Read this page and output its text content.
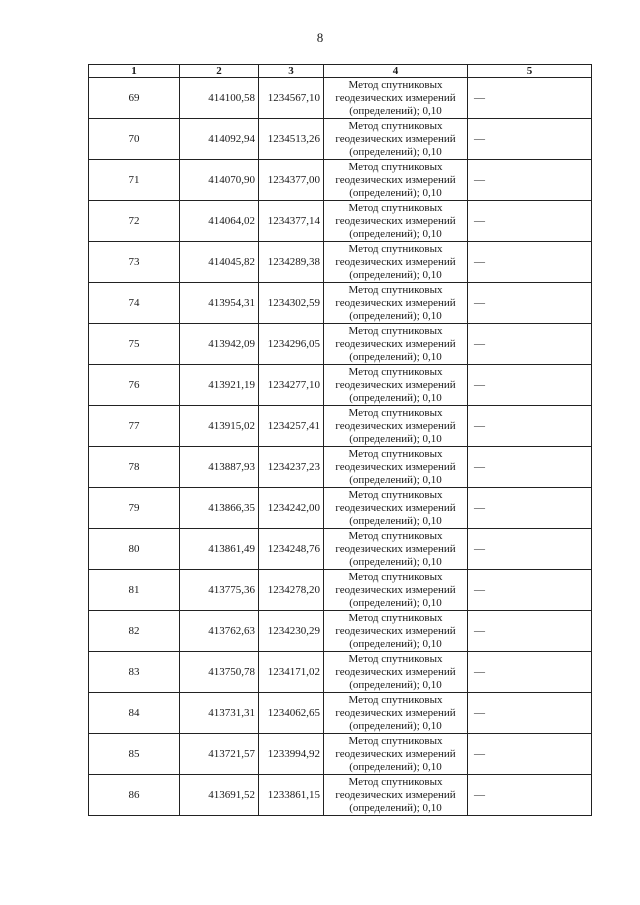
8
1	2	3	4	5
69	414100,58	1234567,10	Метод спутниковых
геодезических измерений
(определений); 0,10	—
70	414092,94	1234513,26	Метод спутниковых
геодезических измерений
(определений); 0,10	—
71	414070,90	1234377,00	Метод спутниковых
геодезических измерений
(определений); 0,10	—
72	414064,02	1234377,14	Метод спутниковых
геодезических измерений
(определений); 0,10	—
73	414045,82	1234289,38	Метод спутниковых
геодезических измерений
(определений); 0,10	—
74	413954,31	1234302,59	Метод спутниковых
геодезических измерений
(определений); 0,10	—
75	413942,09	1234296,05	Метод спутниковых
геодезических измерений
(определений); 0,10	—
76	413921,19	1234277,10	Метод спутниковых
геодезических измерений
(определений); 0,10	—
77	413915,02	1234257,41	Метод спутниковых
геодезических измерений
(определений); 0,10	—
78	413887,93	1234237,23	Метод спутниковых
геодезических измерений
(определений); 0,10	—
79	413866,35	1234242,00	Метод спутниковых
геодезических измерений
(определений); 0,10	—
80	413861,49	1234248,76	Метод спутниковых
геодезических измерений
(определений); 0,10	—
81	413775,36	1234278,20	Метод спутниковых
геодезических измерений
(определений); 0,10	—
82	413762,63	1234230,29	Метод спутниковых
геодезических измерений
(определений); 0,10	—
83	413750,78	1234171,02	Метод спутниковых
геодезических измерений
(определений); 0,10	—
84	413731,31	1234062,65	Метод спутниковых
геодезических измерений
(определений); 0,10	—
85	413721,57	1233994,92	Метод спутниковых
геодезических измерений
(определений); 0,10	—
86	413691,52	1233861,15	Метод спутниковых
геодезических измерений
(определений); 0,10	—
